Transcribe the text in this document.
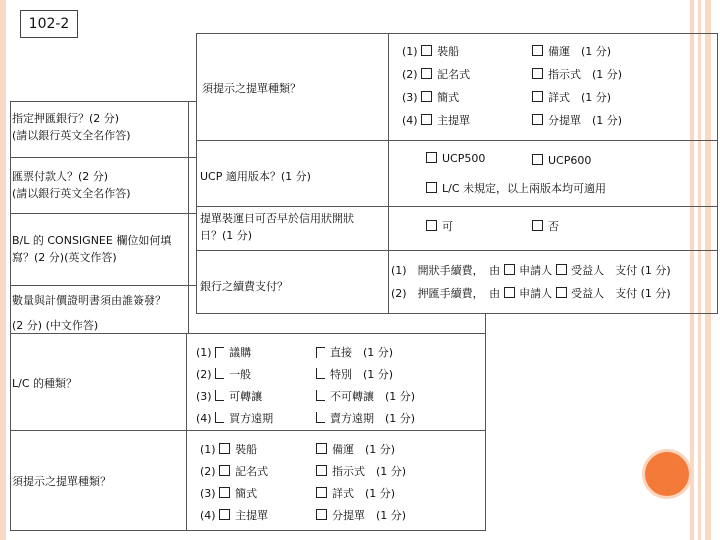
102-2
須提示之提單種類？
(1) 裝船
(2) 記名式
(3) 簡式
(4) 主提單
備運　 (1 分)
指示式　 (1 分)
詳式　 (1 分)
分提單　 (1 分)
UCP 適用版本？(1 分)
UCP500	UCP600
L/C 未規定，以上兩版本均可適用
提單裝運日可否早於信用狀開狀
日？(1 分)
可	否
銀行之續費支付？
(1)　開狀手續費，　由 申請人 受益人　 支付 (1 分)
(2)　押匯手續費，　由 申請人 受益人　 支付 (1 分)
指定押匯銀行？(2 分)
(請以銀行英文全名作答)
匯票付款人？(2 分)
(請以銀行英文全名作答)
B/L 的 CONSIGNEE 欄位如何填
寫？(2 分)(英文作答)
數量與計價證明書須由誰簽發？
(2 分) (中文作答)
L/C 的種類？
(1) 議購
(2) 一般
(3) 可轉讓
(4) 買方遠期
直接　 (1 分)
特別　 (1 分)
不可轉讓　 (1 分)
賣方遠期　 (1 分)
須提示之提單種類？
(1) 裝船
(2) 記名式
(3) 簡式
(4) 主提單
備運　 (1 分)
指示式　 (1 分)
詳式　 (1 分)
分提單　 (1 分)
